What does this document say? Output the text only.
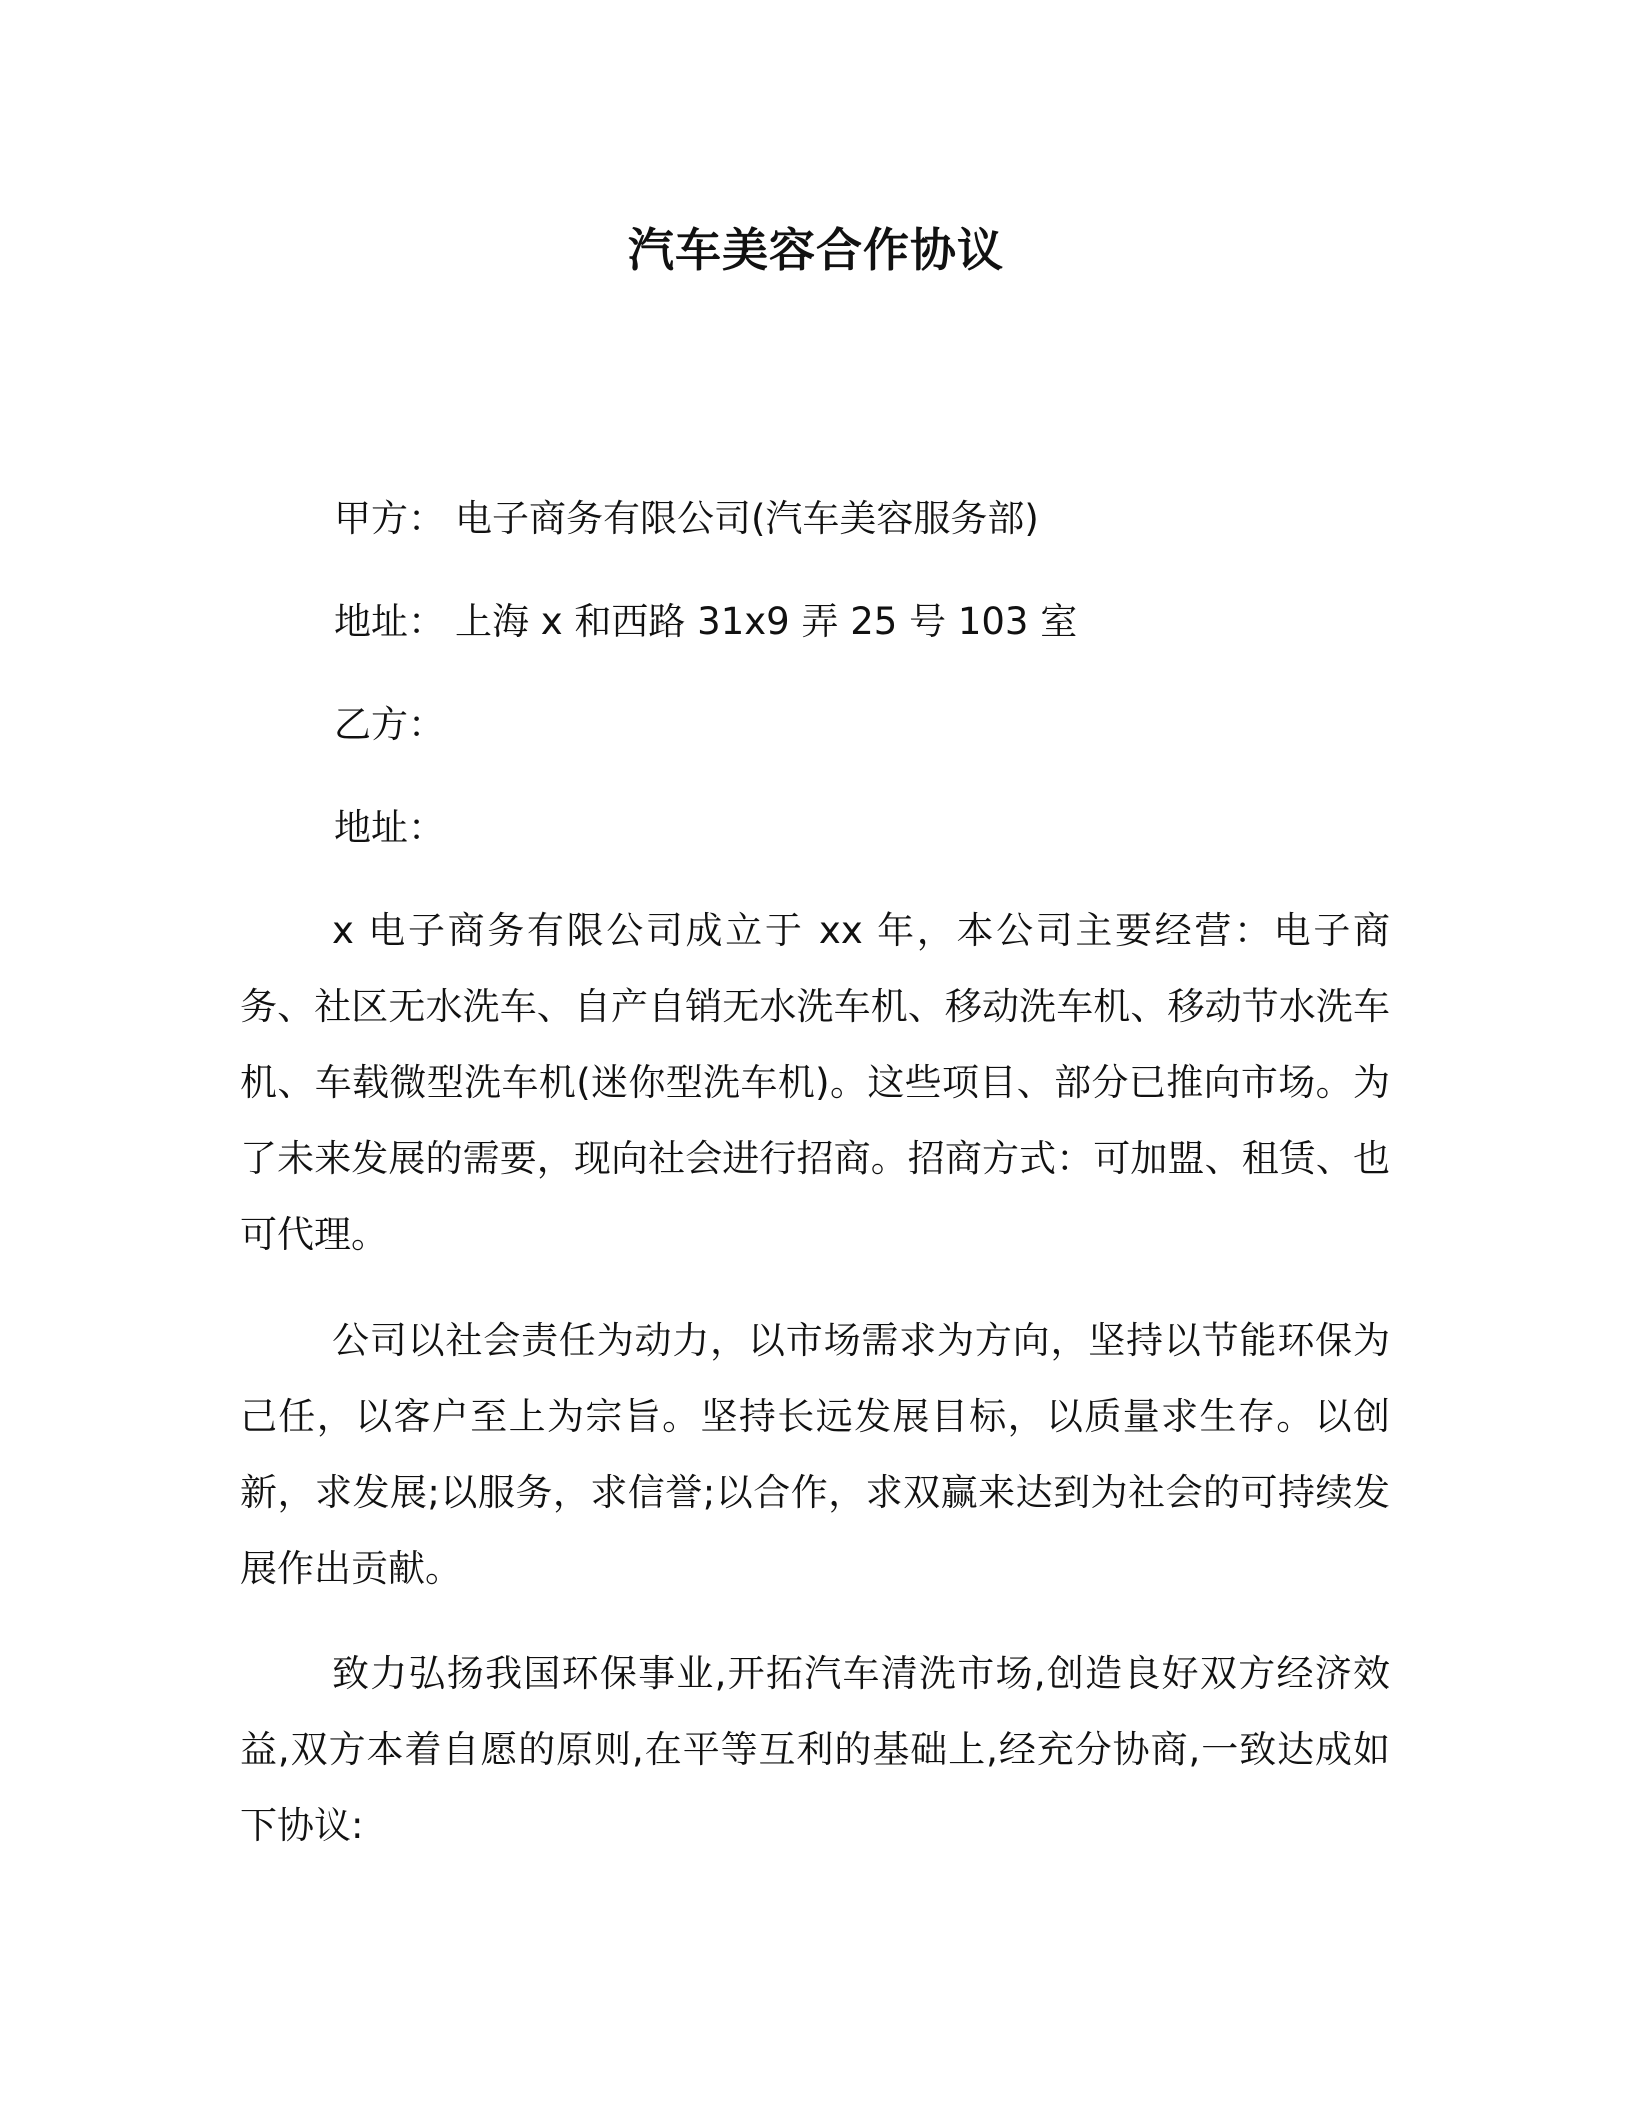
汽车美容合作协议
甲方： 电子商务有限公司(汽车美容服务部)
地址： 上海 x 和西路 31x9 弄 25 号 103 室
乙方：
地址：

x 电子商务有限公司成立于 xx 年，本公司主要经营：电子商务、社区无水洗车、自产自销无水洗车机、移动洗车机、移动节水洗车机、车载微型洗车机(迷你型洗车机)。这些项目、部分已推向市场。为了未来发展的需要，现向社会进行招商。招商方式：可加盟、租赁、也可代理。

公司以社会责任为动力，以市场需求为方向，坚持以节能环保为己任，以客户至上为宗旨。坚持长远发展目标，以质量求生存。以创新，求发展;以服务，求信誉;以合作，求双赢来达到为社会的可持续发展作出贡献。

致力弘扬我国环保事业,开拓汽车清洗市场,创造良好双方经济效益,双方本着自愿的原则,在平等互利的基础上,经充分协商,一致达成如下协议:
